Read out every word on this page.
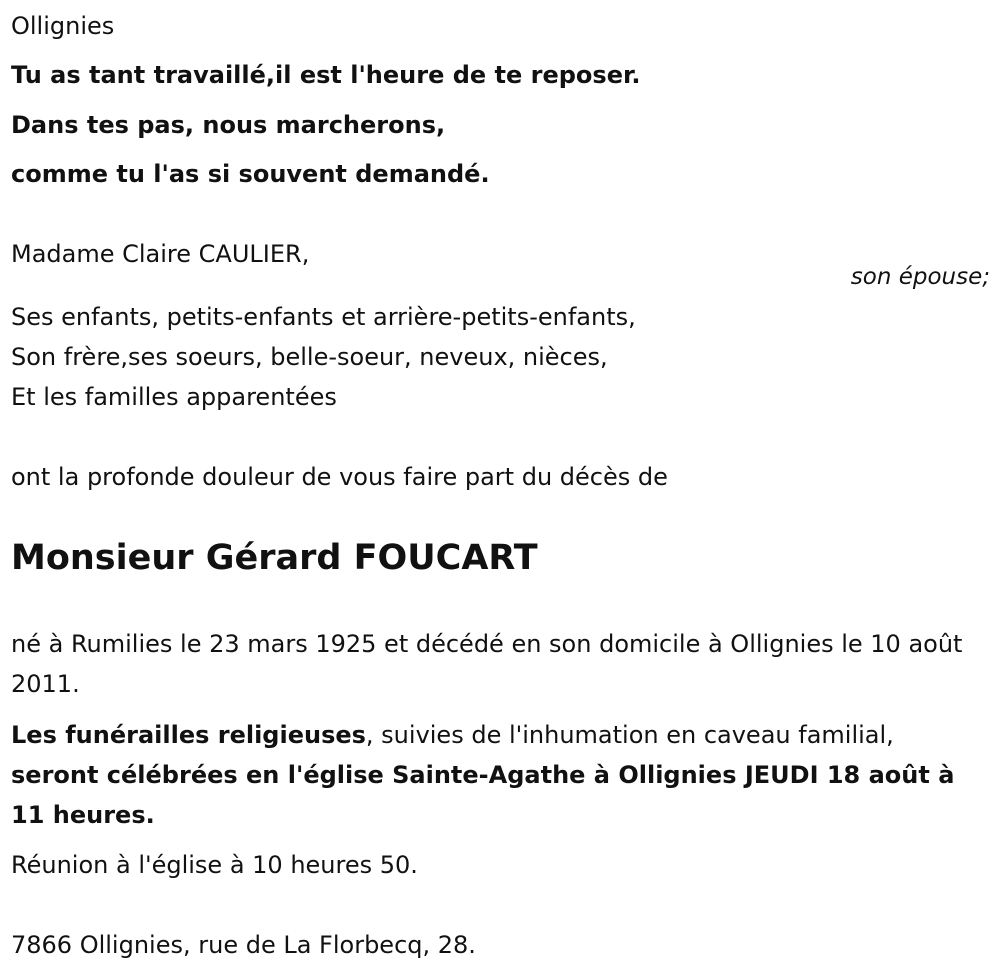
Ollignies
Tu as tant travaillé,il est l'heure de te reposer.
Dans tes pas, nous marcherons,
comme tu l'as si souvent demandé.
Madame Claire CAULIER,
son épouse;
Ses enfants, petits-enfants et arrière-petits-enfants,
Son frère,ses soeurs, belle-soeur, neveux, nièces,
Et les familles apparentées
ont la profonde douleur de vous faire part du décès de
Monsieur Gérard FOUCART
né à Rumilies le 23 mars 1925 et décédé en son domicile à Ollignies le 10 août 2011.
Les funérailles religieuses, suivies de l'inhumation en caveau familial, seront célébrées en l'église Sainte-Agathe à Ollignies JEUDI 18 août à 11 heures.
Réunion à l'église à 10 heures 50.
7866 Ollignies, rue de La Florbecq, 28.
